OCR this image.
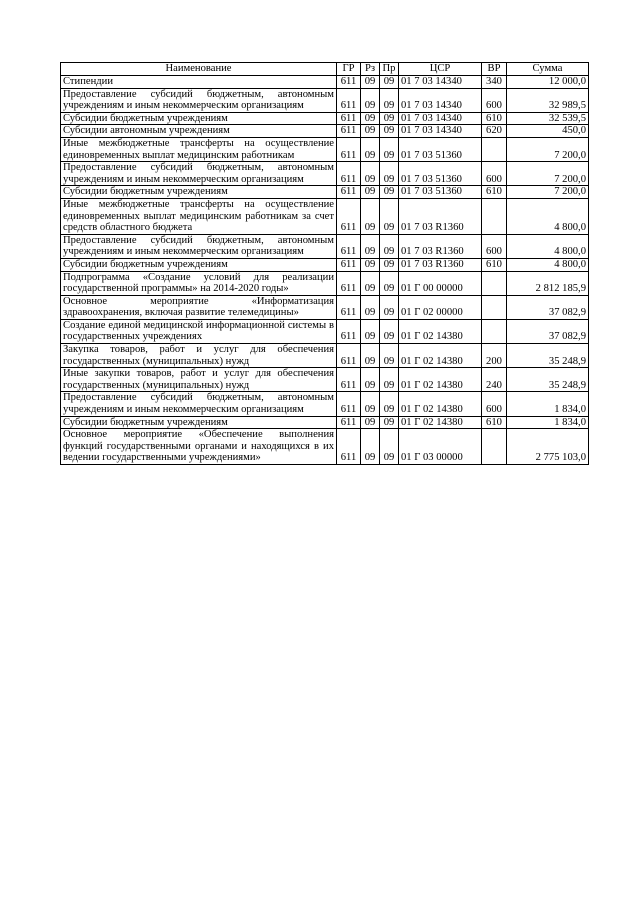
Наименование	ГР	Рз	Пр	ЦСР	ВР	Сумма
Стипендии	611	09	09	01 7 03 14340	340	12 000,0
Предоставление субсидий бюджетным, автономным учреждениям и иным некоммерческим организациям	611	09	09	01 7 03 14340	600	32 989,5
Субсидии бюджетным учреждениям	611	09	09	01 7 03 14340	610	32 539,5
Субсидии автономным учреждениям	611	09	09	01 7 03 14340	620	450,0
Иные межбюджетные трансферты на осуществление единовременных выплат медицинским работникам	611	09	09	01 7 03 51360		7 200,0
Предоставление субсидий бюджетным, автономным учреждениям и иным некоммерческим организациям	611	09	09	01 7 03 51360	600	7 200,0
Субсидии бюджетным учреждениям	611	09	09	01 7 03 51360	610	7 200,0
Иные межбюджетные трансферты на осуществление единовременных выплат медицинским работникам за счет средств областного бюджета	611	09	09	01 7 03 R1360		4 800,0
Предоставление субсидий бюджетным, автономным учреждениям и иным некоммерческим организациям	611	09	09	01 7 03 R1360	600	4 800,0
Субсидии бюджетным учреждениям	611	09	09	01 7 03 R1360	610	4 800,0
Подпрограмма «Создание условий для реализации государственной программы» на 2014-2020 годы»	611	09	09	01 Г 00 00000		2 812 185,9
Основное мероприятие «Информатизация здравоохранения, включая развитие телемедицины»	611	09	09	01 Г 02 00000		37 082,9
Создание единой медицинской информационной системы в государственных учреждениях	611	09	09	01 Г 02 14380		37 082,9
Закупка товаров, работ и услуг для обеспечения государственных (муниципальных) нужд	611	09	09	01 Г 02 14380	200	35 248,9
Иные закупки товаров, работ и услуг для обеспечения государственных (муниципальных) нужд	611	09	09	01 Г 02 14380	240	35 248,9
Предоставление субсидий бюджетным, автономным учреждениям и иным некоммерческим организациям	611	09	09	01 Г 02 14380	600	1 834,0
Субсидии бюджетным учреждениям	611	09	09	01 Г 02 14380	610	1 834,0
Основное мероприятие «Обеспечение выполнения функций государственными органами и находящихся в их ведении государственными учреждениями»	611	09	09	01 Г 03 00000		2 775 103,0
